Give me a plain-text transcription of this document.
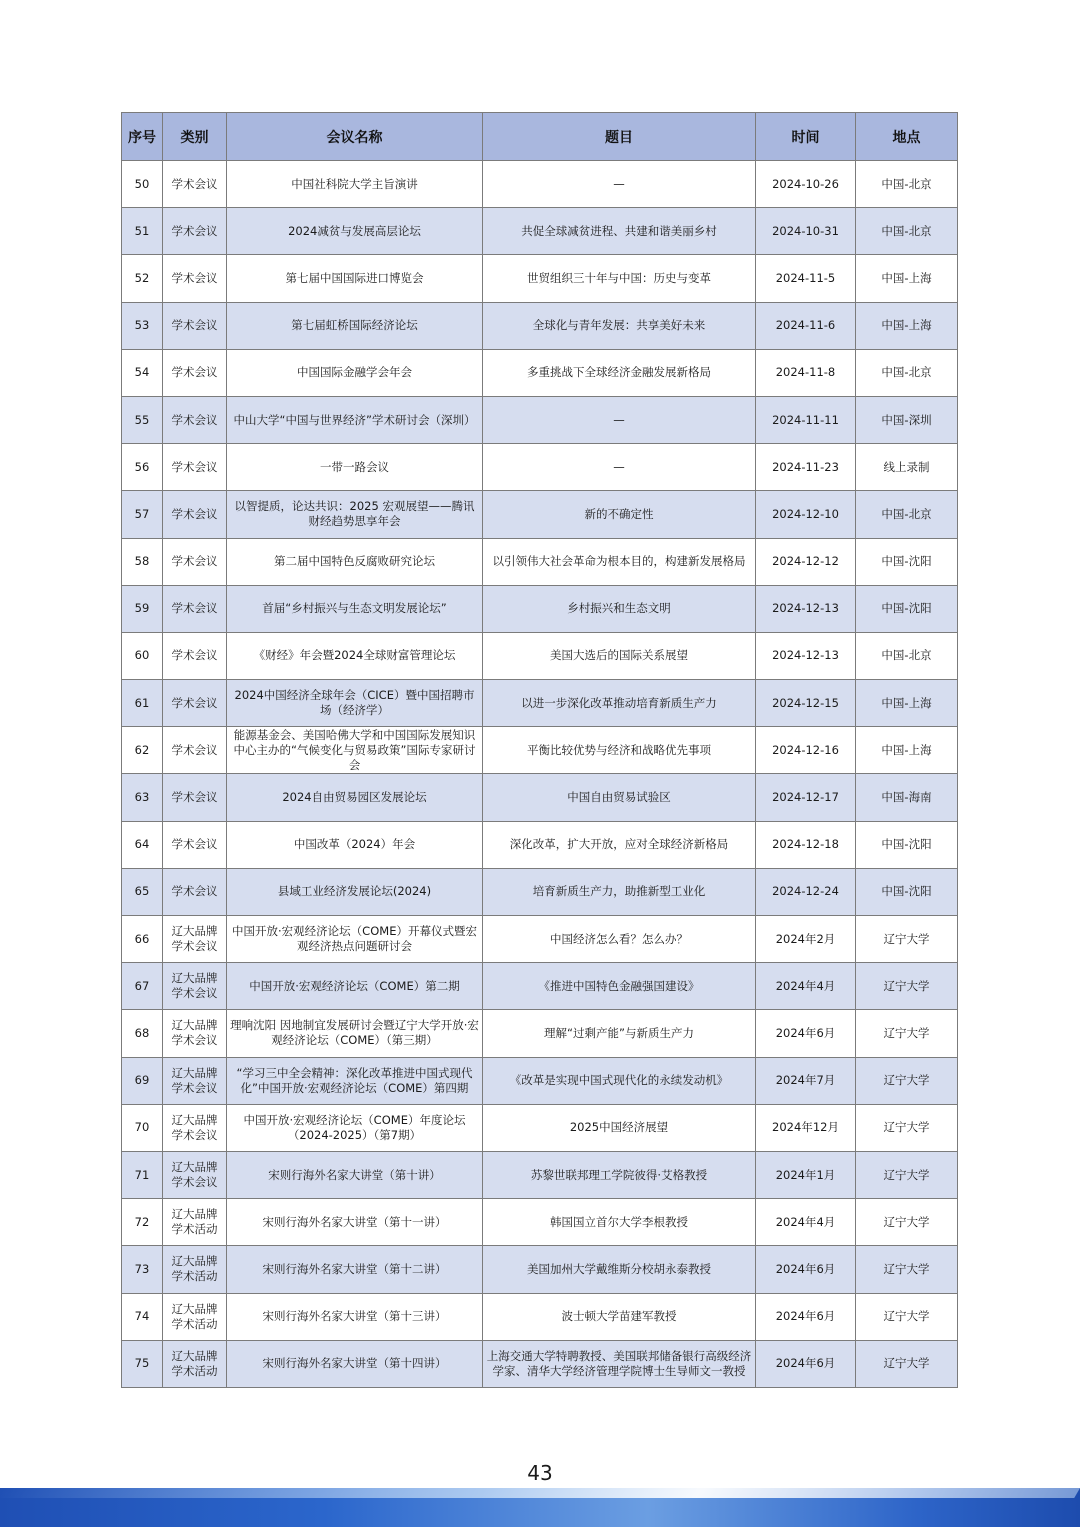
序号	类别	会议名称	题目	时间	地点
50	学术会议	中国社科院大学主旨演讲	—	2024-10-26	中国-北京
51	学术会议	2024减贫与发展高层论坛	共促全球减贫进程、共建和谐美丽乡村	2024-10-31	中国-北京
52	学术会议	第七届中国国际进口博览会	世贸组织三十年与中国：历史与变革	2024-11-5	中国-上海
53	学术会议	第七届虹桥国际经济论坛	全球化与青年发展：共享美好未来	2024-11-6	中国-上海
54	学术会议	中国国际金融学会年会	多重挑战下全球经济金融发展新格局	2024-11-8	中国-北京
55	学术会议	中山大学“中国与世界经济”学术研讨会（深圳）	—	2024-11-11	中国-深圳
56	学术会议	一带一路会议	—	2024-11-23	线上录制
57	学术会议	以智提质，论达共识：2025 宏观展望——腾讯财经趋势思享年会	新的不确定性	2024-12-10	中国-北京
58	学术会议	第二届中国特色反腐败研究论坛	以引领伟大社会革命为根本目的，构建新发展格局	2024-12-12	中国-沈阳
59	学术会议	首届“乡村振兴与生态文明发展论坛”	乡村振兴和生态文明	2024-12-13	中国-沈阳
60	学术会议	《财经》年会暨2024全球财富管理论坛	美国大选后的国际关系展望	2024-12-13	中国-北京
61	学术会议	2024中国经济全球年会（CICE）暨中国招聘市场（经济学）	以进一步深化改革推动培育新质生产力	2024-12-15	中国-上海
62	学术会议	能源基金会、美国哈佛大学和中国国际发展知识中心主办的“气候变化与贸易政策”国际专家研讨会	平衡比较优势与经济和战略优先事项	2024-12-16	中国-上海
63	学术会议	2024自由贸易园区发展论坛	中国自由贸易试验区	2024-12-17	中国-海南
64	学术会议	中国改革（2024）年会	深化改革，扩大开放，应对全球经济新格局	2024-12-18	中国-沈阳
65	学术会议	县域工业经济发展论坛(2024)	培育新质生产力，助推新型工业化	2024-12-24	中国-沈阳
66	辽大品牌学术会议	中国开放·宏观经济论坛（COME）开幕仪式暨宏观经济热点问题研讨会	中国经济怎么看？怎么办？	2024年2月	辽宁大学
67	辽大品牌学术会议	中国开放·宏观经济论坛（COME）第二期	《推进中国特色金融强国建设》	2024年4月	辽宁大学
68	辽大品牌学术会议	理响沈阳 因地制宜发展研讨会暨辽宁大学开放·宏观经济论坛（COME）（第三期）	理解“过剩产能”与新质生产力	2024年6月	辽宁大学
69	辽大品牌学术会议	“学习三中全会精神：深化改革推进中国式现代化”中国开放·宏观经济论坛（COME）第四期	《改革是实现中国式现代化的永续发动机》	2024年7月	辽宁大学
70	辽大品牌学术会议	中国开放·宏观经济论坛（COME）年度论坛（2024-2025）（第7期）	2025中国经济展望	2024年12月	辽宁大学
71	辽大品牌学术会议	宋则行海外名家大讲堂（第十讲）	苏黎世联邦理工学院彼得·艾格教授	2024年1月	辽宁大学
72	辽大品牌学术活动	宋则行海外名家大讲堂（第十一讲）	韩国国立首尔大学李根教授	2024年4月	辽宁大学
73	辽大品牌学术活动	宋则行海外名家大讲堂（第十二讲）	美国加州大学戴维斯分校胡永泰教授	2024年6月	辽宁大学
74	辽大品牌学术活动	宋则行海外名家大讲堂（第十三讲）	波士顿大学苗建军教授	2024年6月	辽宁大学
75	辽大品牌学术活动	宋则行海外名家大讲堂（第十四讲）	上海交通大学特聘教授、美国联邦储备银行高级经济学家、清华大学经济管理学院博士生导师文一教授	2024年6月	辽宁大学
43
